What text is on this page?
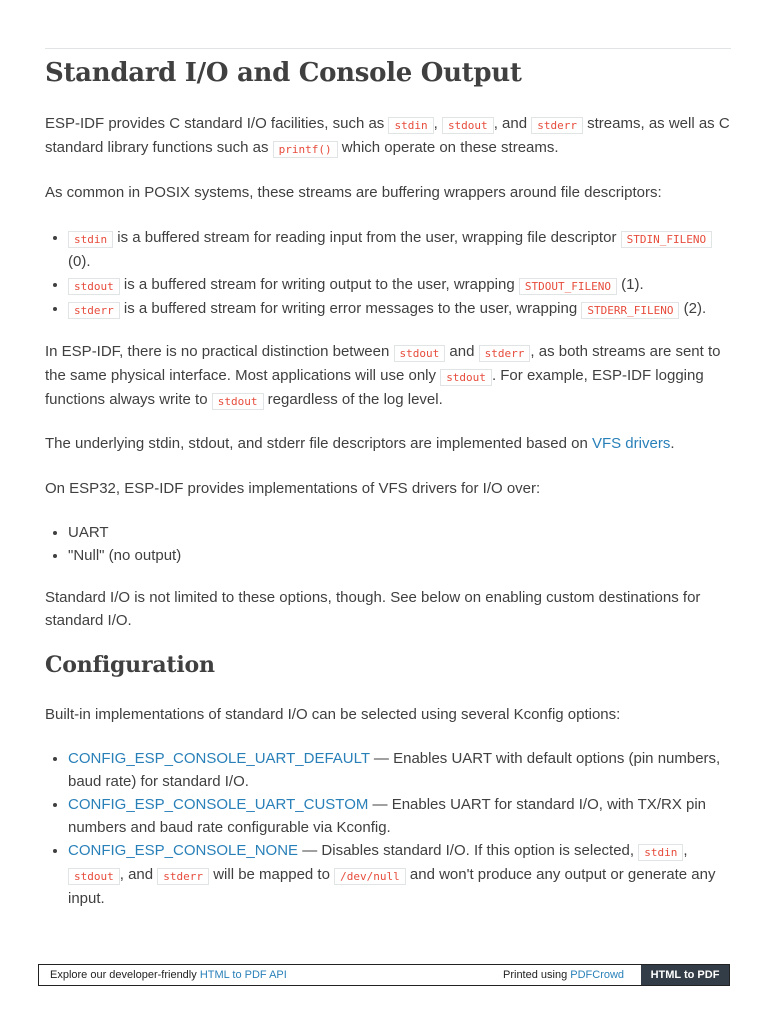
Standard I/O and Console Output

ESP-IDF provides C standard I/O facilities, such as stdin , stdout , and stderr streams, as well as C standard library functions such as printf() which operate on these streams.

As common in POSIX systems, these streams are buffering wrappers around file descriptors:

• stdin is a buffered stream for reading input from the user, wrapping file descriptor STDIN_FILENO (0).
• stdout is a buffered stream for writing output to the user, wrapping STDOUT_FILENO (1).
• stderr is a buffered stream for writing error messages to the user, wrapping STDERR_FILENO (2).

In ESP-IDF, there is no practical distinction between stdout and stderr , as both streams are sent to the same physical interface. Most applications will use only stdout . For example, ESP-IDF logging functions always write to stdout regardless of the log level.

The underlying stdin, stdout, and stderr file descriptors are implemented based on VFS drivers.

On ESP32, ESP-IDF provides implementations of VFS drivers for I/O over:

• UART
• "Null" (no output)

Standard I/O is not limited to these options, though. See below on enabling custom destinations for standard I/O.

Configuration

Built-in implementations of standard I/O can be selected using several Kconfig options:

• CONFIG_ESP_CONSOLE_UART_DEFAULT — Enables UART with default options (pin numbers, baud rate) for standard I/O.
• CONFIG_ESP_CONSOLE_UART_CUSTOM — Enables UART for standard I/O, with TX/RX pin numbers and baud rate configurable via Kconfig.
• CONFIG_ESP_CONSOLE_NONE — Disables standard I/O. If this option is selected, stdin , stdout , and stderr will be mapped to /dev/null and won't produce any output or generate any input.
Explore our developer-friendly HTML to PDF API	Printed using PDFCrowd	HTML to PDF
